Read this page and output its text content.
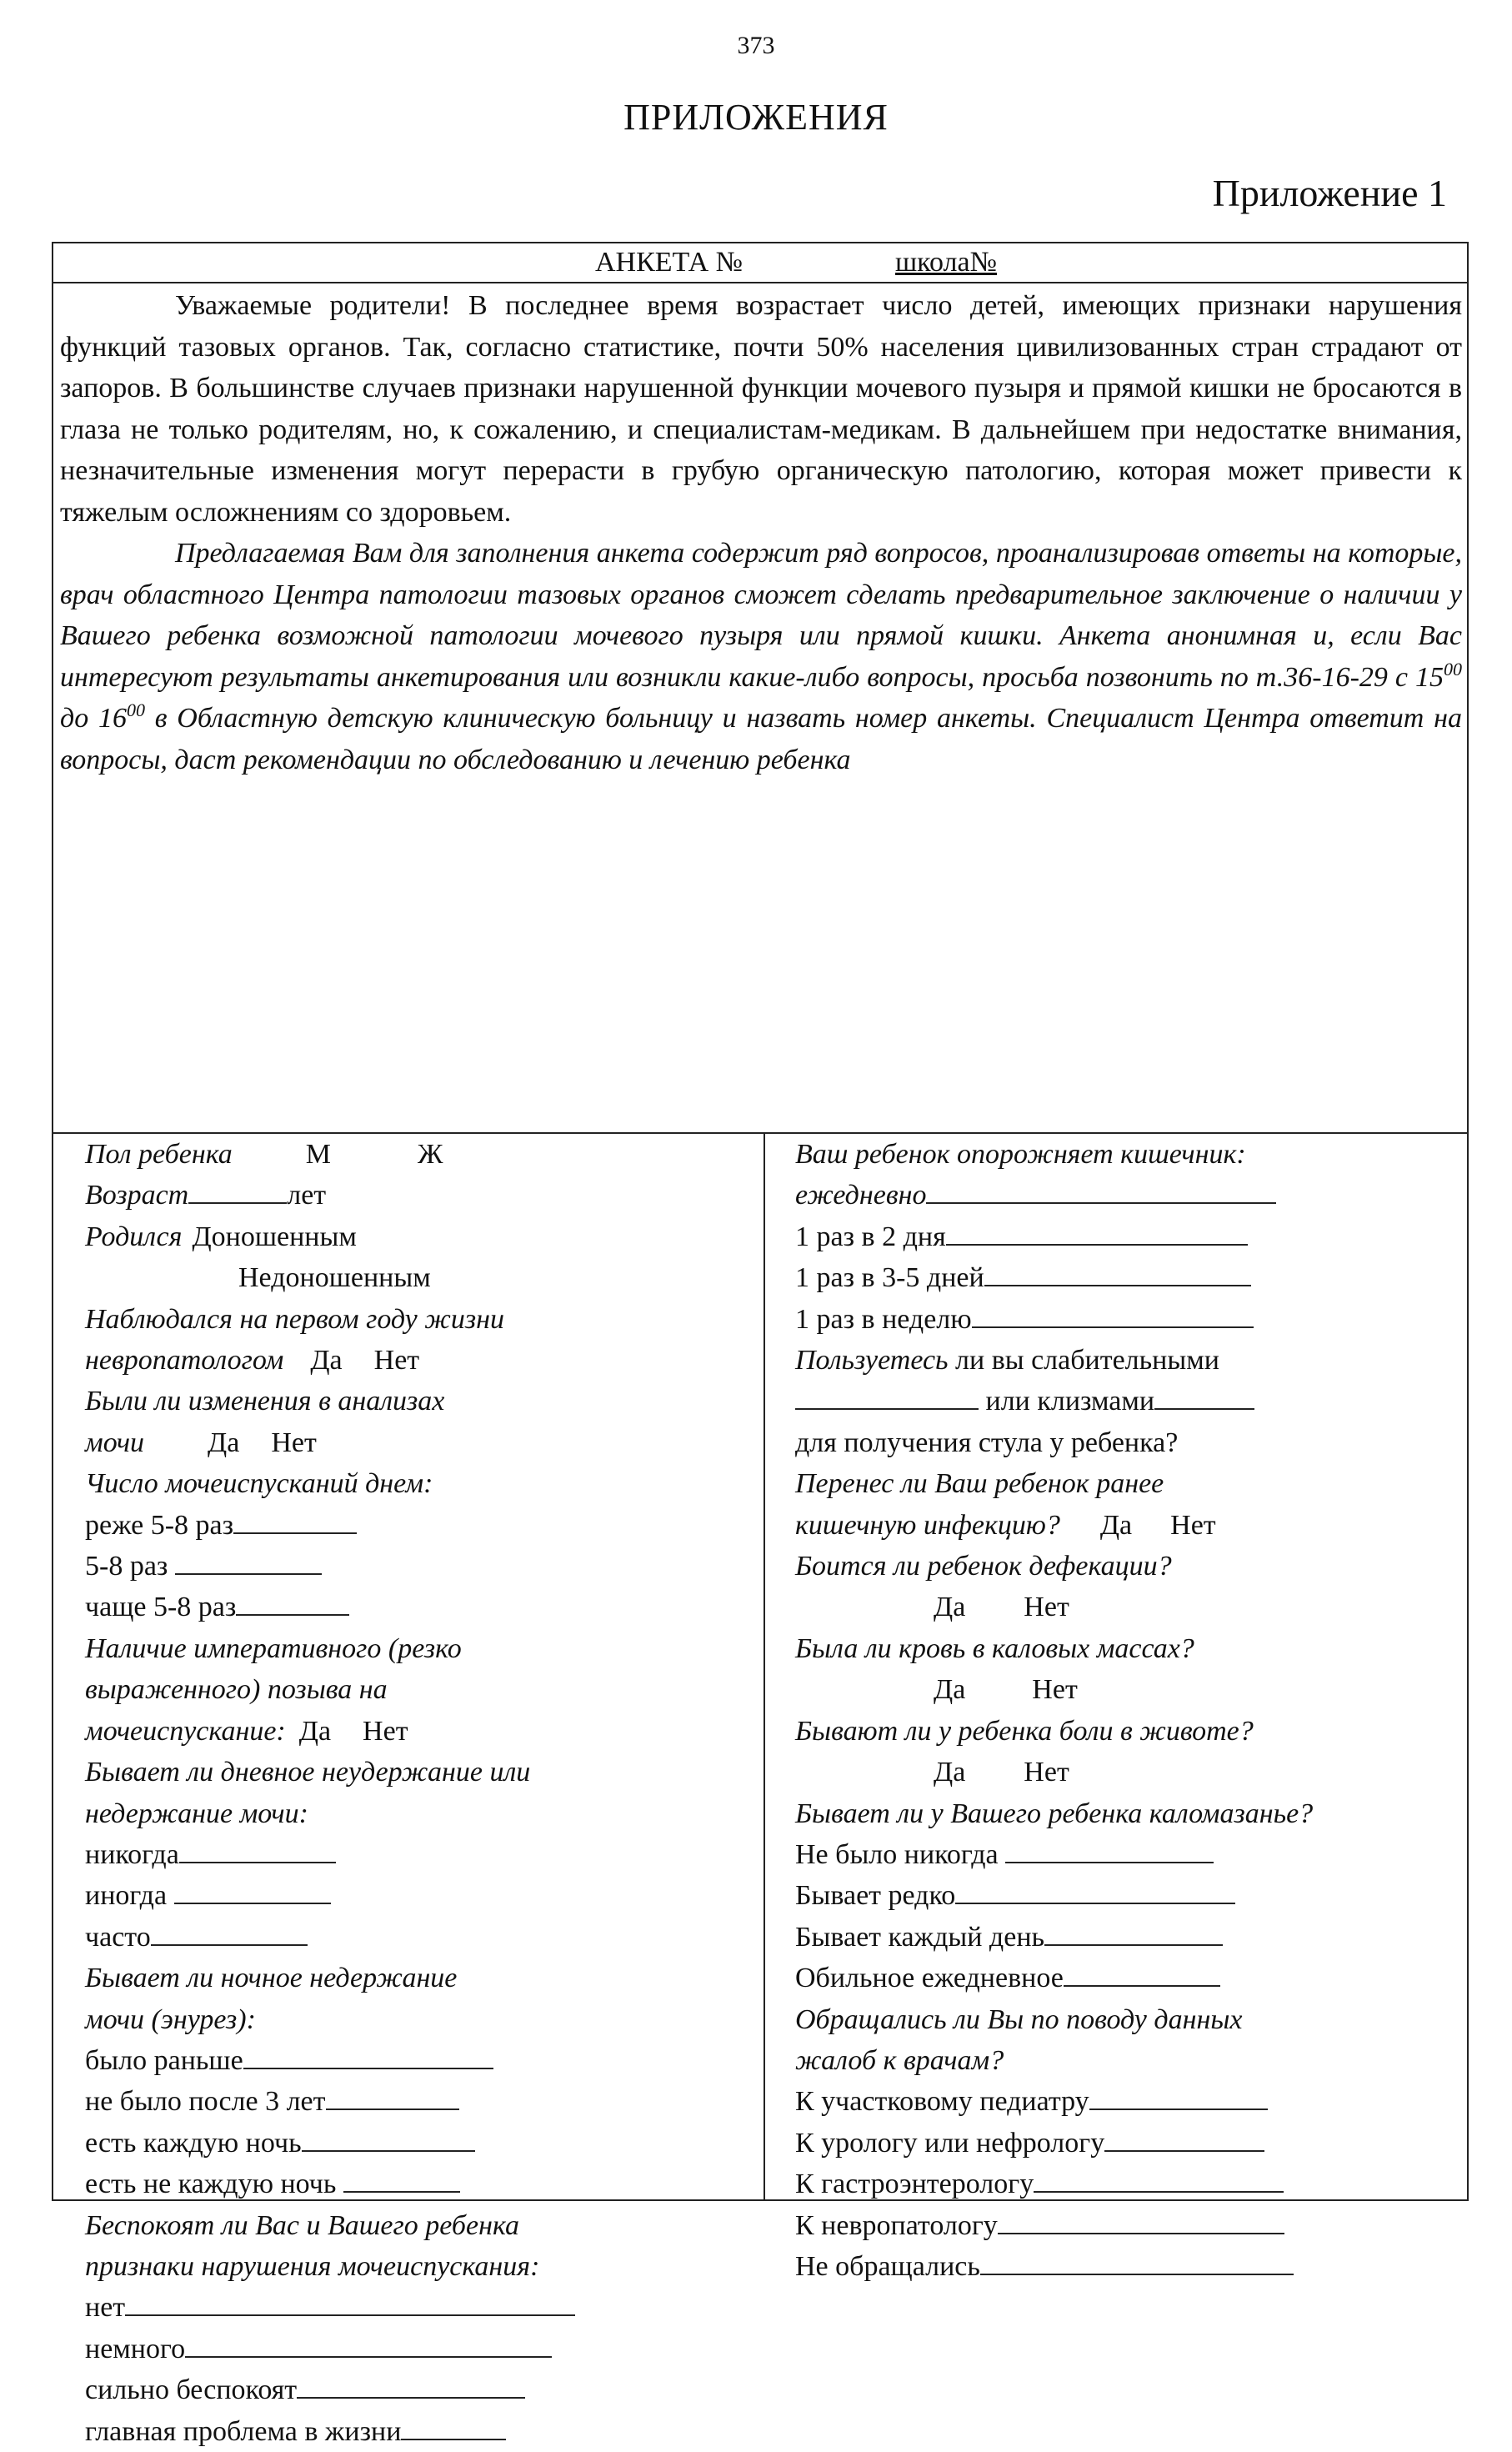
373
ПРИЛОЖЕНИЯ
Приложение 1
АНКЕТА №	школа№

Уважаемые родители! В последнее время возрастает число детей, имеющих признаки нарушения функций тазовых органов. Так, согласно статистике, почти 50% населения цивилизованных стран страдают от запоров. В большинстве случаев признаки нарушенной функции мочевого пузыря и прямой кишки не бросаются в глаза не только родителям, но, к сожалению, и специалистам-медикам. В дальнейшем при недостатке внимания, незначительные изменения могут перерасти в грубую органическую патологию, которая может привести к тяжелым осложнениям со здоровьем.

Предлагаемая Вам для заполнения анкета содержит ряд вопросов, проанализировав ответы на которые, врач областного Центра патологии тазовых органов сможет сделать предварительное заключение о наличии у Вашего ребенка возможной патологии мочевого пузыря или прямой кишки. Анкета анонимная и, если Вас интересуют результаты анкетирования или возникли какие-либо вопросы, просьба позвонить по т.36-16-29 с $15^{00}$ до $16^{00}$ в Областную детскую клиническую больницу и назвать номер анкеты. Специалист Центра ответит на вопросы, даст рекомендации по обследованию и лечению ребенка

Пол ребенка	М	Ж
Возраст	лет
Родился Доношенным
Недоношенным
Наблюдался на первом году жизни
невропатологом Да Нет
Были ли изменения в анализах
мочи Да Нет
Число мочеиспусканий днем:
реже 5-8 раз
5-8 раз
чаще 5-8 раз
Наличие императивного (резко
выраженного) позыва на
мочеиспускание: Да Нет
Бывает ли дневное неудержание или
недержание мочи:
никогда
иногда
часто
Бывает ли ночное недержание
мочи (энурез):
было раньше
не было после 3 лет
есть каждую ночь
есть не каждую ночь
Беспокоят ли Вас и Вашего ребенка
признаки нарушения мочеиспускания:
нет
немного
сильно беспокоят
главная проблема в жизни
Ваш ребенок опорожняет кишечник:
ежедневно
1 раз в 2 дня
1 раз в 3-5 дней
1 раз в неделю
Пользуетесь ли вы слабительными
или клизмами
для получения стула у ребенка?
Перенес ли Ваш ребенок ранее
кишечную инфекцию? Да Нет
Боится ли ребенок дефекации?
Да Нет
Была ли кровь в каловых массах?
Да Нет
Бывают ли у ребенка боли в животе?
Да Нет
Бывает ли у Вашего ребенка каломазанье?
Не было никогда
Бывает редко
Бывает каждый день
Обильное ежедневное
Обращались ли Вы по поводу данных
жалоб к врачам?
К участковому педиатру
К урологу или нефрологу
К гастроэнтерологу
К невропатологу
Не обращались
